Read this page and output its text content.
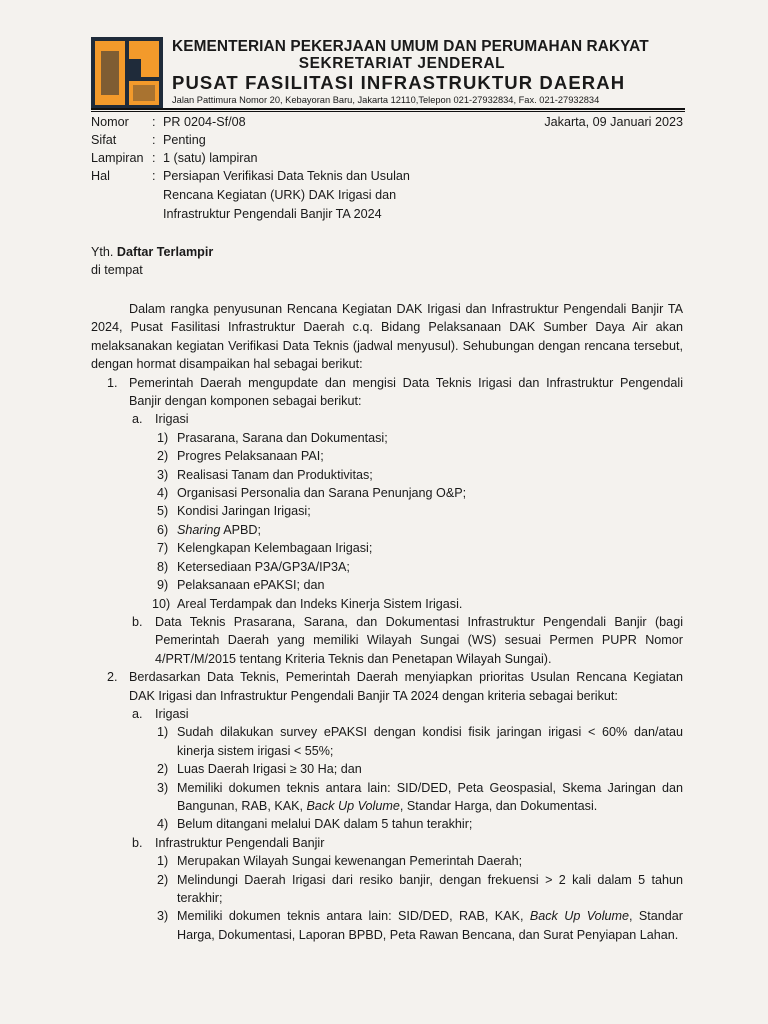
KEMENTERIAN PEKERJAAN UMUM DAN PERUMAHAN RAKYAT
SEKRETARIAT JENDERAL
PUSAT FASILITASI INFRASTRUKTUR DAERAH
Jalan Pattimura Nomor 20, Kebayoran Baru, Jakarta 12110,Telepon 021-27932834, Fax. 021-27932834
Nomor : PR 0204-Sf/08	Jakarta, 09 Januari 2023
Sifat	: Penting
Lampiran : 1 (satu) lampiran
Hal	: Persiapan Verifikasi Data Teknis dan Usulan
Rencana Kegiatan (URK) DAK Irigasi dan
Infrastruktur Pengendali Banjir TA 2024
Yth. Daftar Terlampir
di tempat
Dalam rangka penyusunan Rencana Kegiatan DAK Irigasi dan Infrastruktur Pengendali Banjir TA 2024, Pusat Fasilitasi Infrastruktur Daerah c.q. Bidang Pelaksanaan DAK Sumber Daya Air akan melaksanakan kegiatan Verifikasi Data Teknis (jadwal menyusul). Sehubungan dengan rencana tersebut, dengan hormat disampaikan hal sebagai berikut:
1. Pemerintah Daerah mengupdate dan mengisi Data Teknis Irigasi dan Infrastruktur Pengendali Banjir dengan komponen sebagai berikut:
a. Irigasi
1) Prasarana, Sarana dan Dokumentasi;
2) Progres Pelaksanaan PAI;
3) Realisasi Tanam dan Produktivitas;
4) Organisasi Personalia dan Sarana Penunjang O&P;
5) Kondisi Jaringan Irigasi;
6) Sharing APBD;
7) Kelengkapan Kelembagaan Irigasi;
8) Ketersediaan P3A/GP3A/IP3A;
9) Pelaksanaan ePAKSI; dan
10) Areal Terdampak dan Indeks Kinerja Sistem Irigasi.
b. Data Teknis Prasarana, Sarana, dan Dokumentasi Infrastruktur Pengendali Banjir (bagi Pemerintah Daerah yang memiliki Wilayah Sungai (WS) sesuai Permen PUPR Nomor 4/PRT/M/2015 tentang Kriteria Teknis dan Penetapan Wilayah Sungai).
2. Berdasarkan Data Teknis, Pemerintah Daerah menyiapkan prioritas Usulan Rencana Kegiatan DAK Irigasi dan Infrastruktur Pengendali Banjir TA 2024 dengan kriteria sebagai berikut:
a. Irigasi
1) Sudah dilakukan survey ePAKSI dengan kondisi fisik jaringan irigasi < 60% dan/atau kinerja sistem irigasi < 55%;
2) Luas Daerah Irigasi ≥ 30 Ha; dan
3) Memiliki dokumen teknis antara lain: SID/DED, Peta Geospasial, Skema Jaringan dan Bangunan, RAB, KAK, Back Up Volume, Standar Harga, dan Dokumentasi.
4) Belum ditangani melalui DAK dalam 5 tahun terakhir;
b. Infrastruktur Pengendali Banjir
1) Merupakan Wilayah Sungai kewenangan Pemerintah Daerah;
2) Melindungi Daerah Irigasi dari resiko banjir, dengan frekuensi > 2 kali dalam 5 tahun terakhir;
3) Memiliki dokumen teknis antara lain: SID/DED, RAB, KAK, Back Up Volume, Standar Harga, Dokumentasi, Laporan BPBD, Peta Rawan Bencana, dan Surat Penyiapan Lahan.
